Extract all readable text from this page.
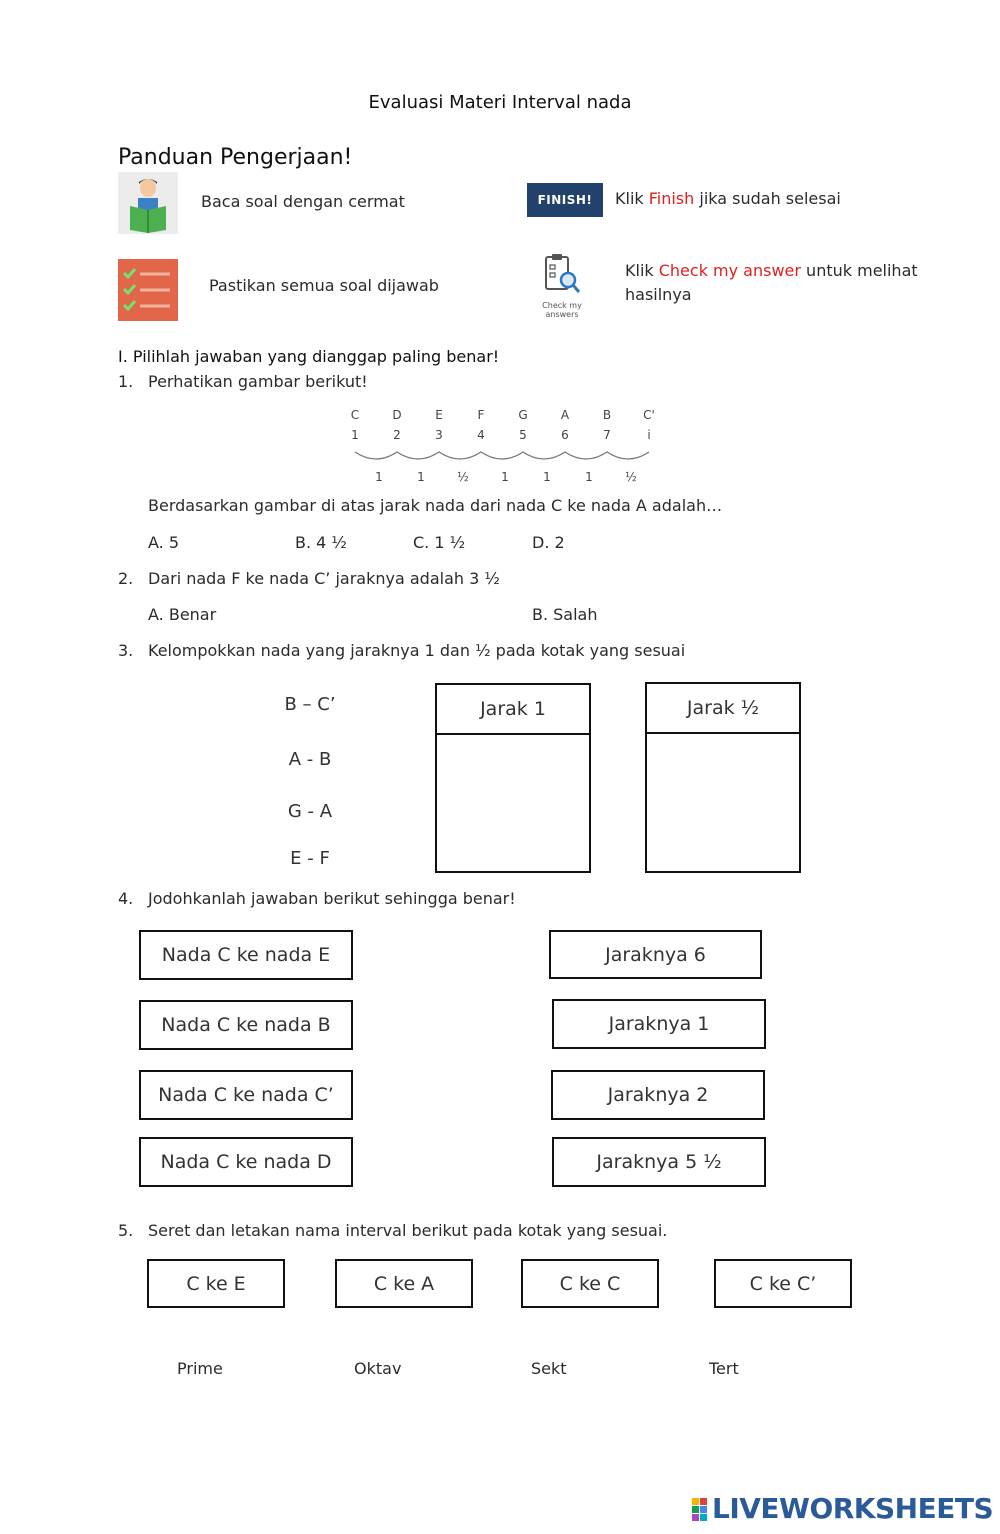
Evaluasi Materi Interval nada
Panduan Pengerjaan!
Baca soal dengan cermat
Pastikan semua soal dijawab
FINISH!	Klik Finish jika sudah selesai
Check my answers
Klik Check my answer untuk melihat
hasilnya
I. Pilihlah jawaban yang dianggap paling benar!
1. Perhatikan gambar berikut!
C	D	E	F	G	A	B	C'
1	2	3	4	5	6	7	i
1	1	½	1	1	1	½
Berdasarkan gambar di atas jarak nada dari nada C ke nada A adalah…
A. 5	B. 4 ½	C. 1 ½	D. 2
2. Dari nada F ke nada C’ jaraknya adalah 3 ½
A. Benar	B. Salah
3. Kelompokkan nada yang jaraknya 1 dan ½ pada kotak yang sesuai
B – C’
A - B
G - A
E - F
Jarak 1	Jarak ½
4. Jodohkanlah jawaban berikut sehingga benar!
Nada C ke nada E
Nada C ke nada B
Nada C ke nada C’
Nada C ke nada D
Jaraknya 6
Jaraknya 1
Jaraknya 2
Jaraknya 5 ½
5. Seret dan letakan nama interval berikut pada kotak yang sesuai.
C ke E	C ke A	C ke C	C ke C’
Prime	Oktav	Sekt	Tert
LIVEWORKSHEETS
